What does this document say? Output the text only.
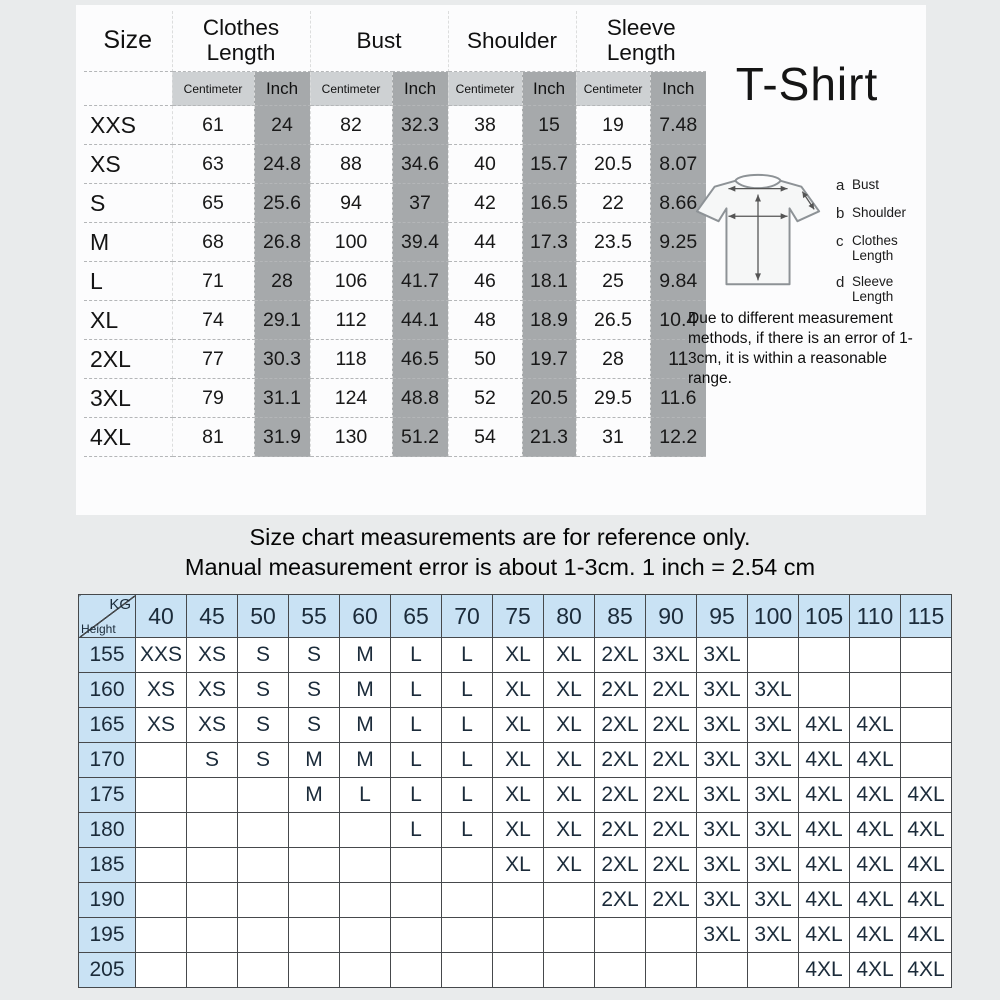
Size	Clothes Length		Bust		Shoulder		Sleeve Length	
	Centimeter	Inch	Centimeter	Inch	Centimeter	Inch	Centimeter	Inch
XXS	61	24	82	32.3	38	15	19	7.48
XS	63	24.8	88	34.6	40	15.7	20.5	8.07
S	65	25.6	94	37	42	16.5	22	8.66
M	68	26.8	100	39.4	44	17.3	23.5	9.25
L	71	28	106	41.7	46	18.1	25	9.84
XL	74	29.1	112	44.1	48	18.9	26.5	10.4
2XL	77	30.3	118	46.5	50	19.7	28	11
3XL	79	31.1	124	48.8	52	20.5	29.5	11.6
4XL	81	31.9	130	51.2	54	21.3	31	12.2
T-Shirt
a Bust
b Shoulder
c Clothes Length
d Sleeve Length
Due to different measurement methods, if there is an error of 1-3cm, it is within a reasonable range.
Size chart measurements are for reference only.
Manual measurement error is about 1-3cm. 1 inch = 2.54 cm
KG
Height	40	45	50	55	60	65	70	75	80	85	90	95	100	105	110	115
155	XXS	XS	S	S	M	L	L	XL	XL	2XL	3XL	3XL				
160	XS	XS	S	S	M	L	L	XL	XL	2XL	2XL	3XL	3XL			
165	XS	XS	S	S	M	L	L	XL	XL	2XL	2XL	3XL	3XL	4XL	4XL	
170		S	S	M	M	L	L	XL	XL	2XL	2XL	3XL	3XL	4XL	4XL	
175				M	L	L	L	XL	XL	2XL	2XL	3XL	3XL	4XL	4XL	4XL
180						L	L	XL	XL	2XL	2XL	3XL	3XL	4XL	4XL	4XL
185								XL	XL	2XL	2XL	3XL	3XL	4XL	4XL	4XL
190										2XL	2XL	3XL	3XL	4XL	4XL	4XL
195												3XL	3XL	4XL	4XL	4XL
205														4XL	4XL	4XL
